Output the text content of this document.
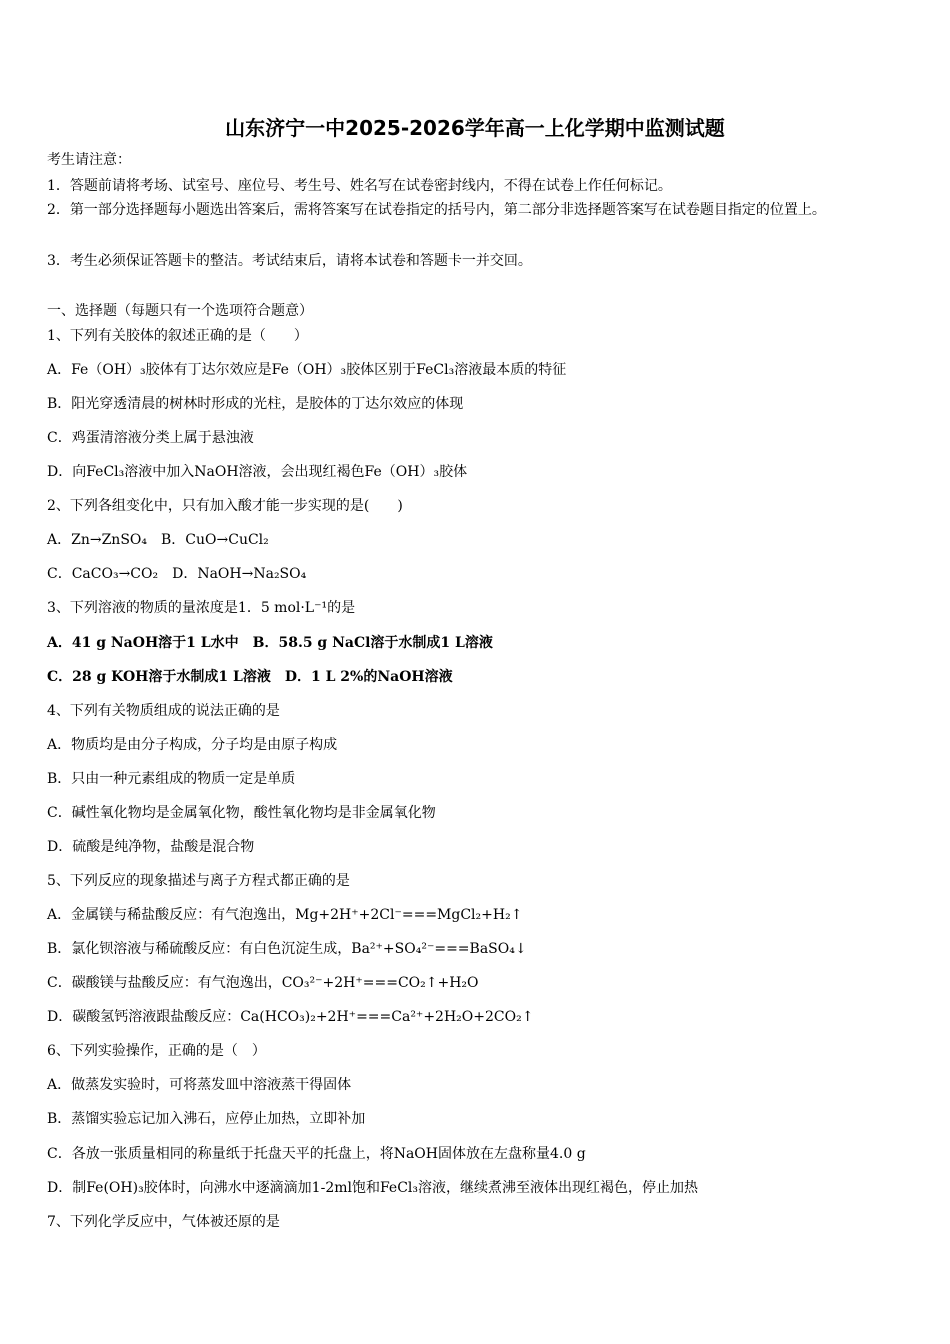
山东济宁一中2025-2026学年高一上化学期中监测试题
考生请注意：
1．答题前请将考场、试室号、座位号、考生号、姓名写在试卷密封线内，不得在试卷上作任何标记。
2．第一部分选择题每小题选出答案后，需将答案写在试卷指定的括号内，第二部分非选择题答案写在试卷题目指定的位置上。
3．考生必须保证答题卡的整洁。考试结束后，请将本试卷和答题卡一并交回。
一、选择题（每题只有一个选项符合题意）
1、下列有关胶体的叙述正确的是（　　）
A．Fe（OH）₃胶体有丁达尔效应是Fe（OH）₃胶体区别于FeCl₃溶液最本质的特征
B．阳光穿透清晨的树林时形成的光柱，是胶体的丁达尔效应的体现
C．鸡蛋清溶液分类上属于悬浊液
D．向FeCl₃溶液中加入NaOH溶液，会出现红褐色Fe（OH）₃胶体
2、下列各组变化中，只有加入酸才能一步实现的是(　　)
A．Zn→ZnSO₄　B．CuO→CuCl₂
C．CaCO₃→CO₂　D．NaOH→Na₂SO₄
3、下列溶液的物质的量浓度是1．5 mol·L⁻¹的是
A．41 g NaOH溶于1 L水中　B．58.5 g NaCl溶于水制成1 L溶液
C．28 g KOH溶于水制成1 L溶液　D．1 L 2%的NaOH溶液
4、下列有关物质组成的说法正确的是
A．物质均是由分子构成，分子均是由原子构成
B．只由一种元素组成的物质一定是单质
C．碱性氧化物均是金属氧化物，酸性氧化物均是非金属氧化物
D．硫酸是纯净物，盐酸是混合物
5、下列反应的现象描述与离子方程式都正确的是
A．金属镁与稀盐酸反应：有气泡逸出，Mg+2H⁺+2Cl⁻===MgCl₂+H₂↑
B．氯化钡溶液与稀硫酸反应：有白色沉淀生成，Ba²⁺+SO₄²⁻===BaSO₄↓
C．碳酸镁与盐酸反应：有气泡逸出，CO₃²⁻+2H⁺===CO₂↑+H₂O
D．碳酸氢钙溶液跟盐酸反应：Ca(HCO₃)₂+2H⁺===Ca²⁺+2H₂O+2CO₂↑
6、下列实验操作，正确的是（　）
A．做蒸发实验时，可将蒸发皿中溶液蒸干得固体
B．蒸馏实验忘记加入沸石，应停止加热，立即补加
C．各放一张质量相同的称量纸于托盘天平的托盘上，将NaOH固体放在左盘称量4.0 g
D．制Fe(OH)₃胶体时，向沸水中逐滴滴加1-2ml饱和FeCl₃溶液，继续煮沸至液体出现红褐色，停止加热
7、下列化学反应中，气体被还原的是
